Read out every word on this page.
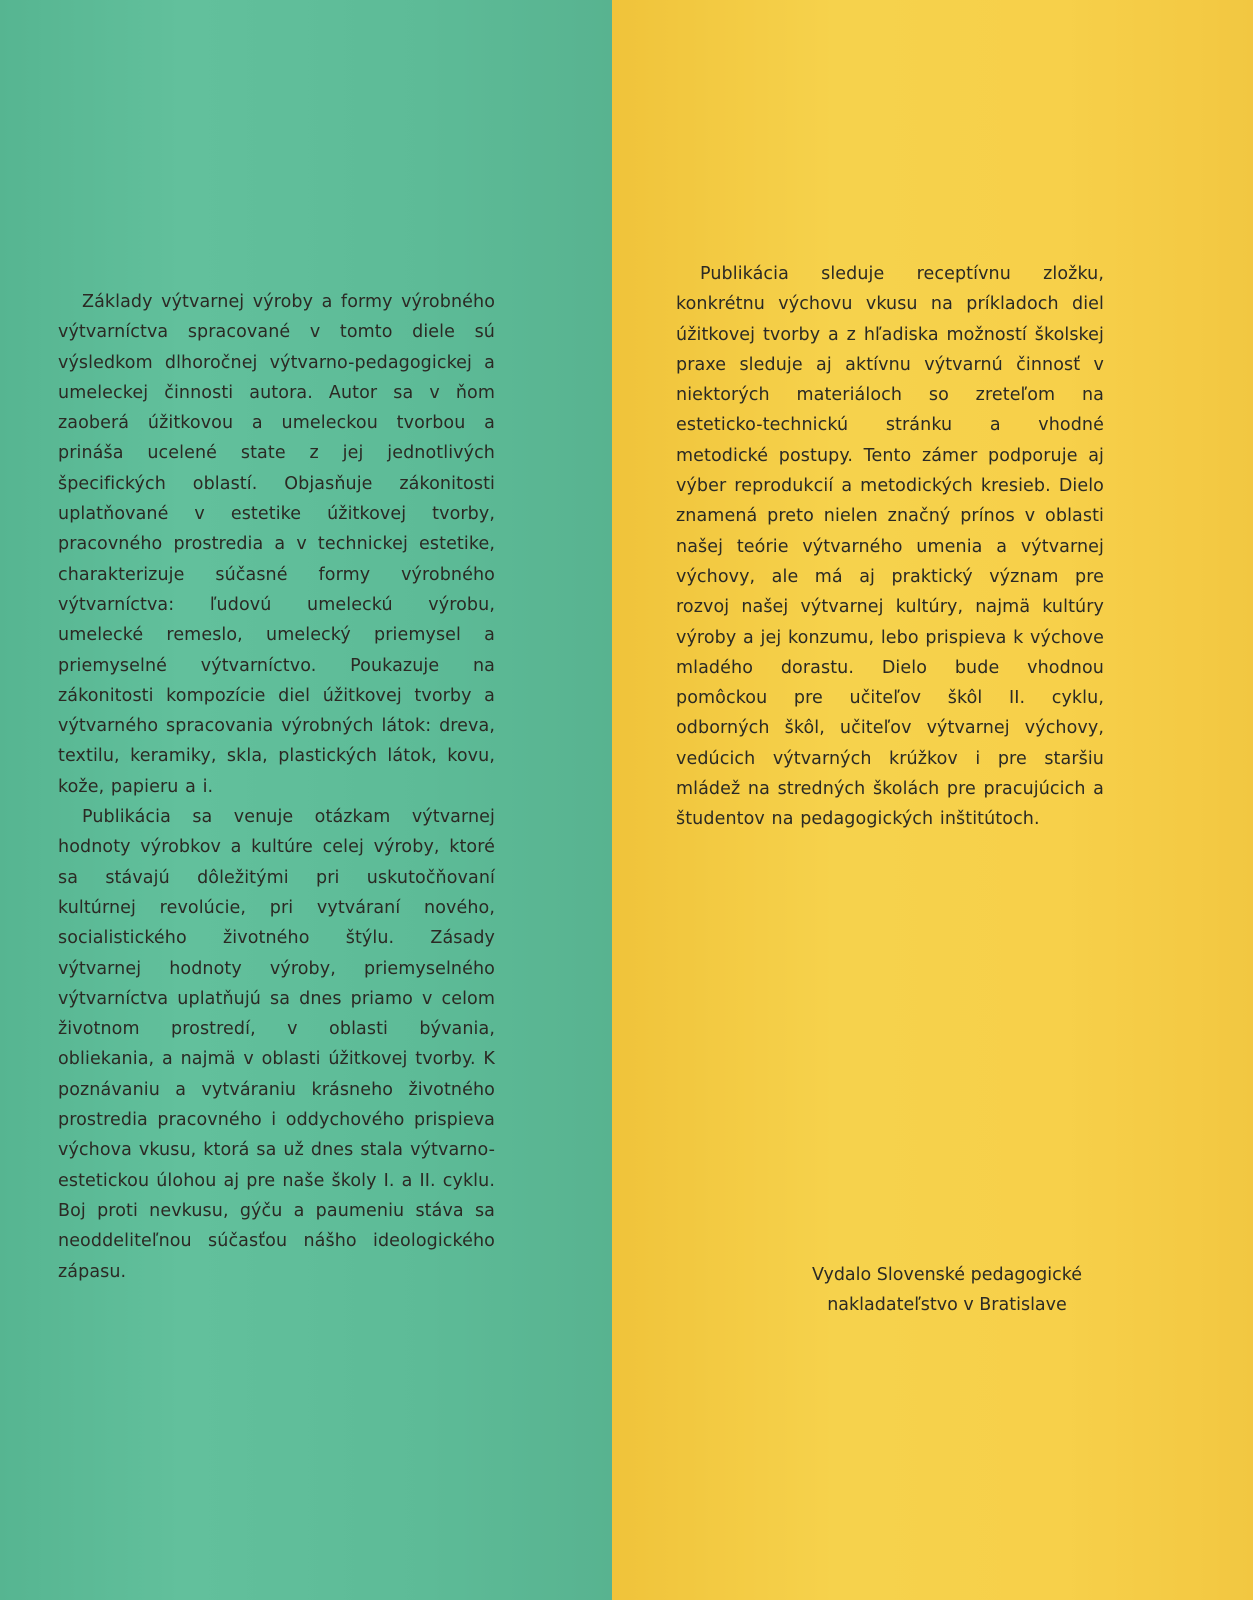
Základy výtvarnej výroby a formy výrobného výtvarníctva spracované v tomto diele sú výsledkom dlhoročnej výtvarno-pedagogickej a umeleckej činnosti autora. Autor sa v ňom zaoberá úžitkovou a umeleckou tvorbou a prináša ucelené state z jej jednotlivých špecifických oblastí. Objasňuje zákonitosti uplatňované v estetike úžitkovej tvorby, pracovného prostredia a v technickej estetike, charakterizuje súčasné formy výrobného výtvarníctva: ľudovú umeleckú výrobu, umelecké remeslo, umelecký priemysel a priemyselné výtvarníctvo. Poukazuje na zákonitosti kompozície diel úžitkovej tvorby a výtvarného spracovania výrobných látok: dreva, textilu, keramiky, skla, plastických látok, kovu, kože, papieru a i.

Publikácia sa venuje otázkam výtvarnej hodnoty výrobkov a kultúre celej výroby, ktoré sa stávajú dôležitými pri uskutočňovaní kultúrnej revolúcie, pri vytváraní nového, socialistického životného štýlu. Zásady výtvarnej hodnoty výroby, priemyselného výtvarníctva uplatňujú sa dnes priamo v celom životnom prostredí, v oblasti bývania, obliekania, a najmä v oblasti úžitkovej tvorby. K poznávaniu a vytváraniu krásneho životného prostredia pracovného i oddychového prispieva výchova vkusu, ktorá sa už dnes stala výtvarno-estetickou úlohou aj pre naše školy I. a II. cyklu. Boj proti nevkusu, gýču a paumeniu stáva sa neoddeliteľnou súčasťou nášho ideologického zápasu.

Publikácia sleduje receptívnu zložku, konkrétnu výchovu vkusu na príkladoch diel úžitkovej tvorby a z hľadiska možností školskej praxe sleduje aj aktívnu výtvarnú činnosť v niektorých materiáloch so zreteľom na esteticko-technickú stránku a vhodné metodické postupy. Tento zámer podporuje aj výber reprodukcií a metodických kresieb. Dielo znamená preto nielen značný prínos v oblasti našej teórie výtvarného umenia a výtvarnej výchovy, ale má aj praktický význam pre rozvoj našej výtvarnej kultúry, najmä kultúry výroby a jej konzumu, lebo prispieva k výchove mladého dorastu. Dielo bude vhodnou pomôckou pre učiteľov škôl II. cyklu, odborných škôl, učiteľov výtvarnej výchovy, vedúcich výtvarných krúžkov i pre staršiu mládež na stredných školách pre pracujúcich a študentov na pedagogických inštitútoch.

Vydalo Slovenské pedagogické
nakladateľstvo v Bratislave
